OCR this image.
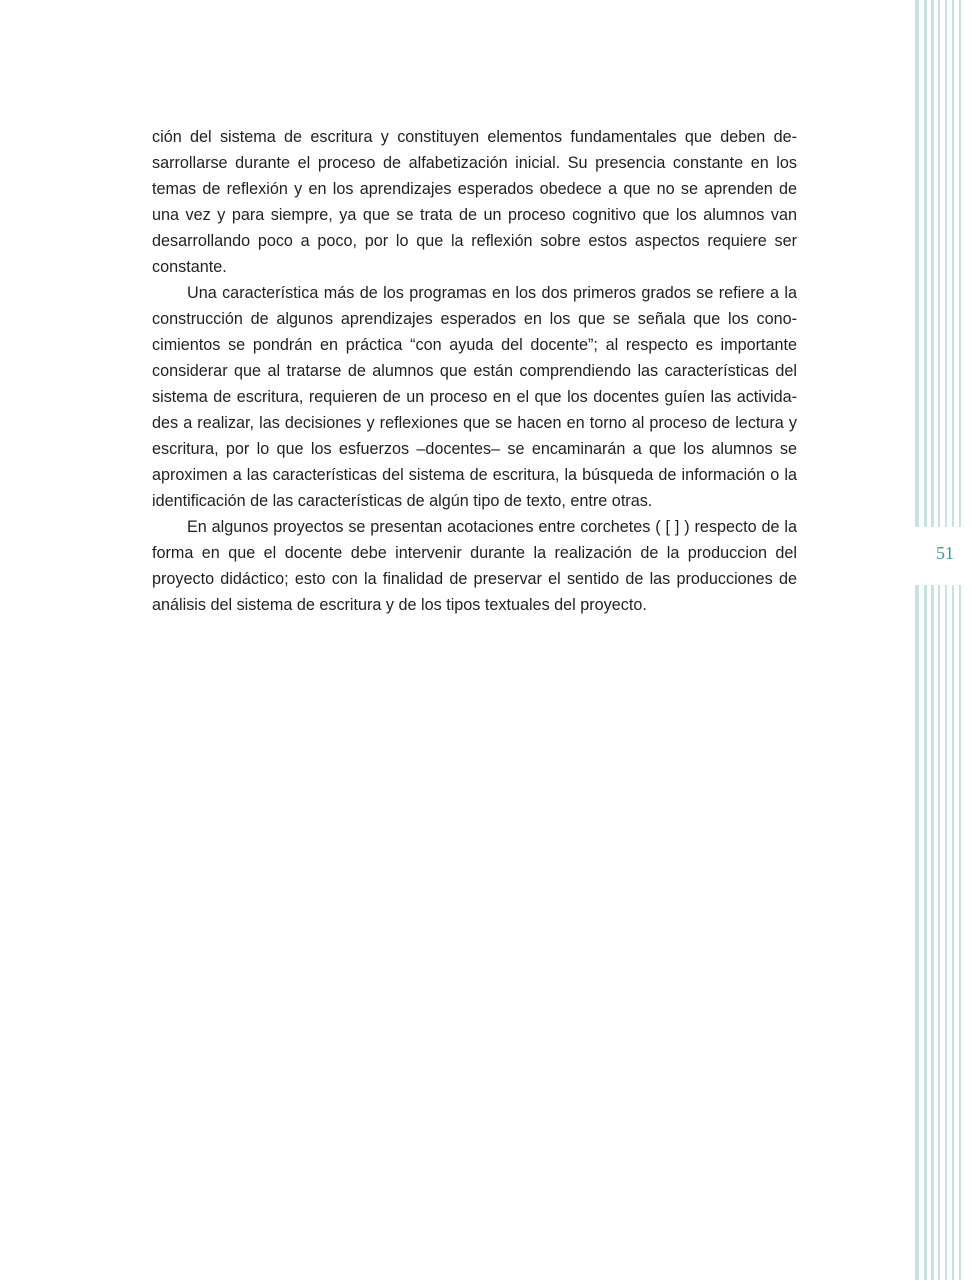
ción del sistema de escritura y constituyen elementos fundamentales que deben desarrollarse durante el proceso de alfabetización inicial. Su presencia constante en los temas de reflexión y en los aprendizajes esperados obedece a que no se aprenden de una vez y para siempre, ya que se trata de un proceso cognitivo que los alumnos van desarrollando poco a poco, por lo que la reflexión sobre estos aspectos requiere ser constante.

Una característica más de los programas en los dos primeros grados se refiere a la construcción de algunos aprendizajes esperados en los que se señala que los conocimientos se pondrán en práctica “con ayuda del docente”; al respecto es importante considerar que al tratarse de alumnos que están comprendiendo las características del sistema de escritura, requieren de un proceso en el que los docentes guíen las actividades a realizar, las decisiones y reflexiones que se hacen en torno al proceso de lectura y escritura, por lo que los esfuerzos –docentes– se encaminarán a que los alumnos se aproximen a las características del sistema de escritura, la búsqueda de información o la identificación de las características de algún tipo de texto, entre otras.

En algunos proyectos se presentan acotaciones entre corchetes ( [ ] ) respecto de la forma en que el docente debe intervenir durante la realización de la produccion del proyecto didáctico; esto con la finalidad de preservar el sentido de las producciones de análisis del sistema de escritura y de los tipos textuales del proyecto.

51
